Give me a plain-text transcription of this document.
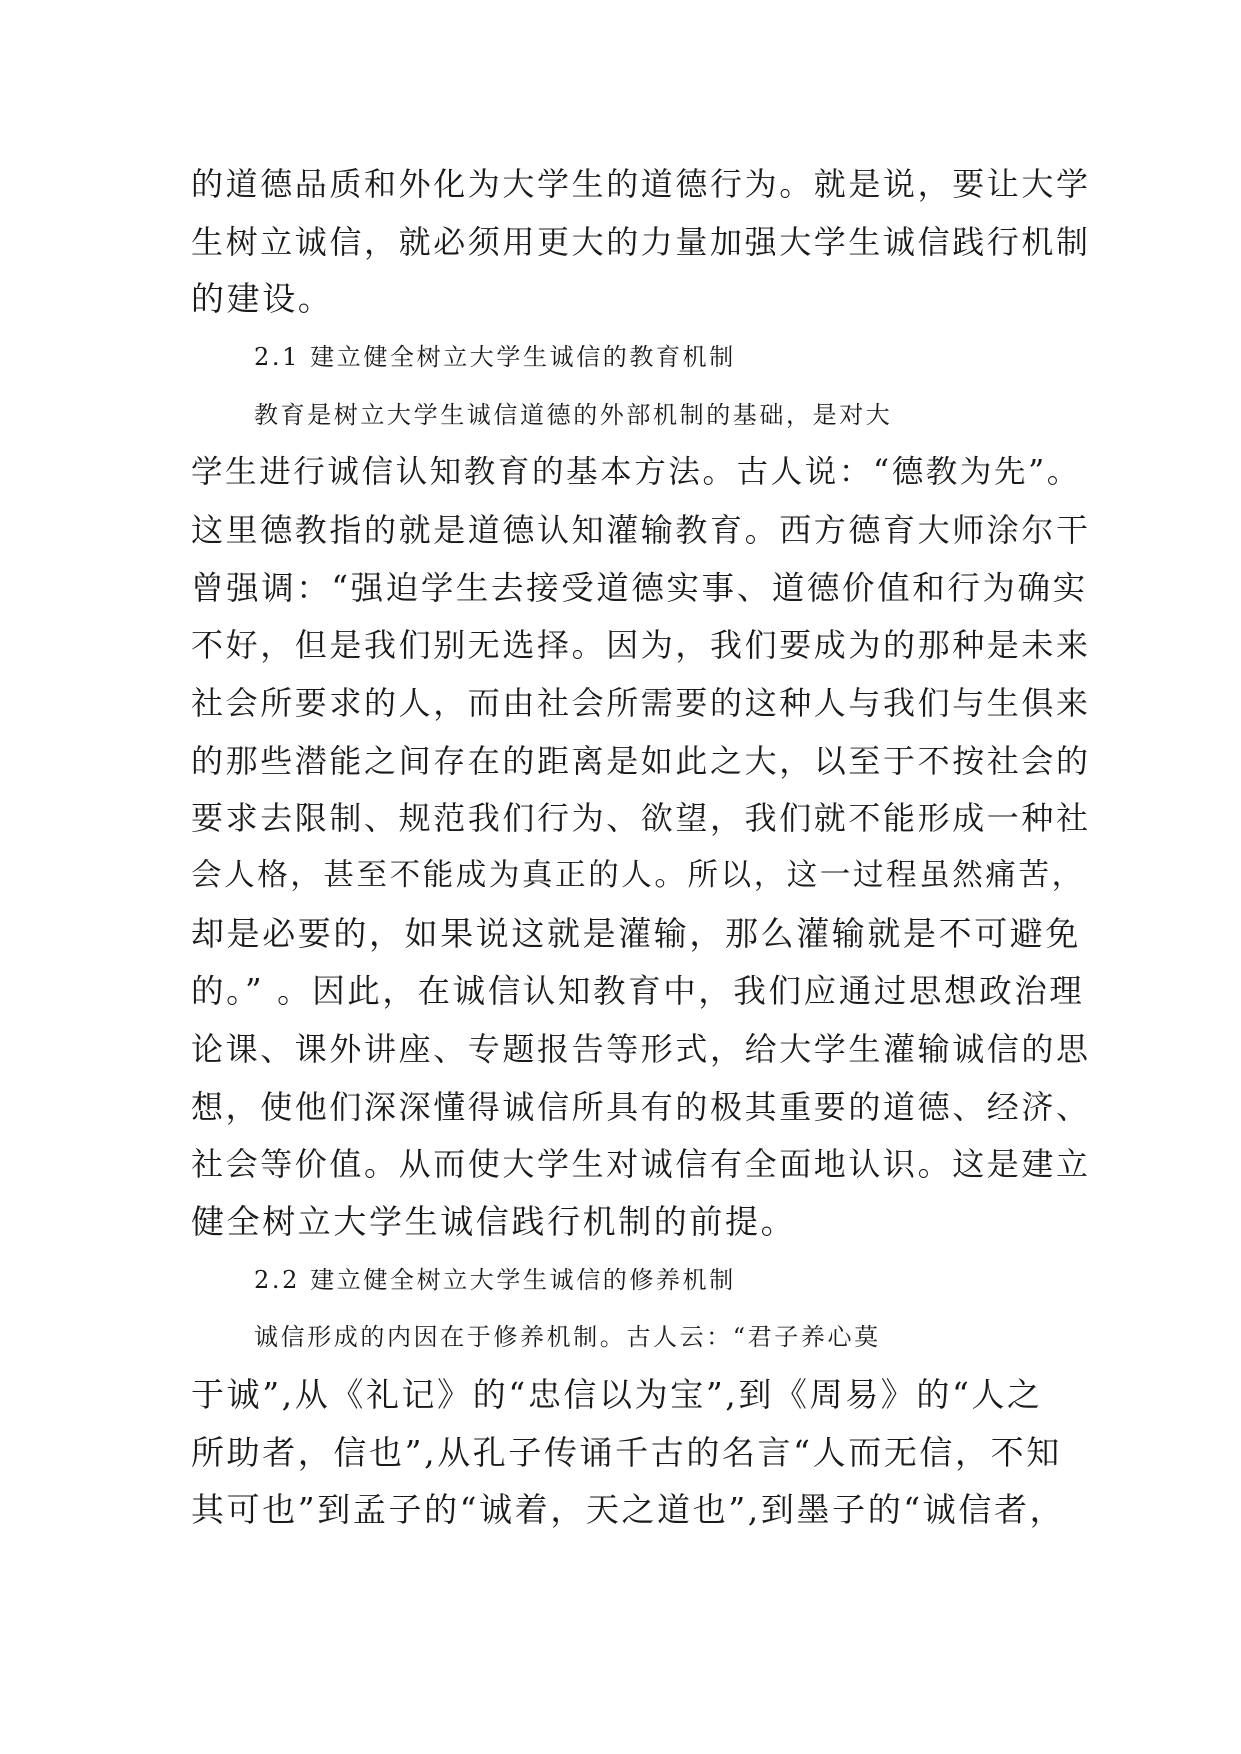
的道德品质和外化为大学生的道德行为。就是说，要让大学
生树立诚信，就必须用更大的力量加强大学生诚信践行机制
的建设。
2.1 建立健全树立大学生诚信的教育机制
教育是树立大学生诚信道德的外部机制的基础，是对大
学生进行诚信认知教育的基本方法。古人说：“德教为先”。
这里德教指的就是道德认知灌输教育。西方德育大师涂尔干
曾强调：“强迫学生去接受道德实事、道德价值和行为确实
不好，但是我们别无选择。因为，我们要成为的那种是未来
社会所要求的人，而由社会所需要的这种人与我们与生俱来
的那些潜能之间存在的距离是如此之大，以至于不按社会的
要求去限制、规范我们行为、欲望，我们就不能形成一种社
会人格，甚至不能成为真正的人。所以，这一过程虽然痛苦，
却是必要的，如果说这就是灌输，那么灌输就是不可避免
的。” 。因此，在诚信认知教育中，我们应通过思想政治理
论课、课外讲座、专题报告等形式，给大学生灌输诚信的思
想，使他们深深懂得诚信所具有的极其重要的道德、经济、
社会等价值。从而使大学生对诚信有全面地认识。这是建立
健全树立大学生诚信践行机制的前提。
2.2 建立健全树立大学生诚信的修养机制
诚信形成的内因在于修养机制。古人云：“君子养心莫
于诚”,从《礼记》的“忠信以为宝”,到《周易》的“人之
所助者，信也”,从孔子传诵千古的名言“人而无信，不知
其可也”到孟子的“诚着，天之道也”,到墨子的“诚信者，
